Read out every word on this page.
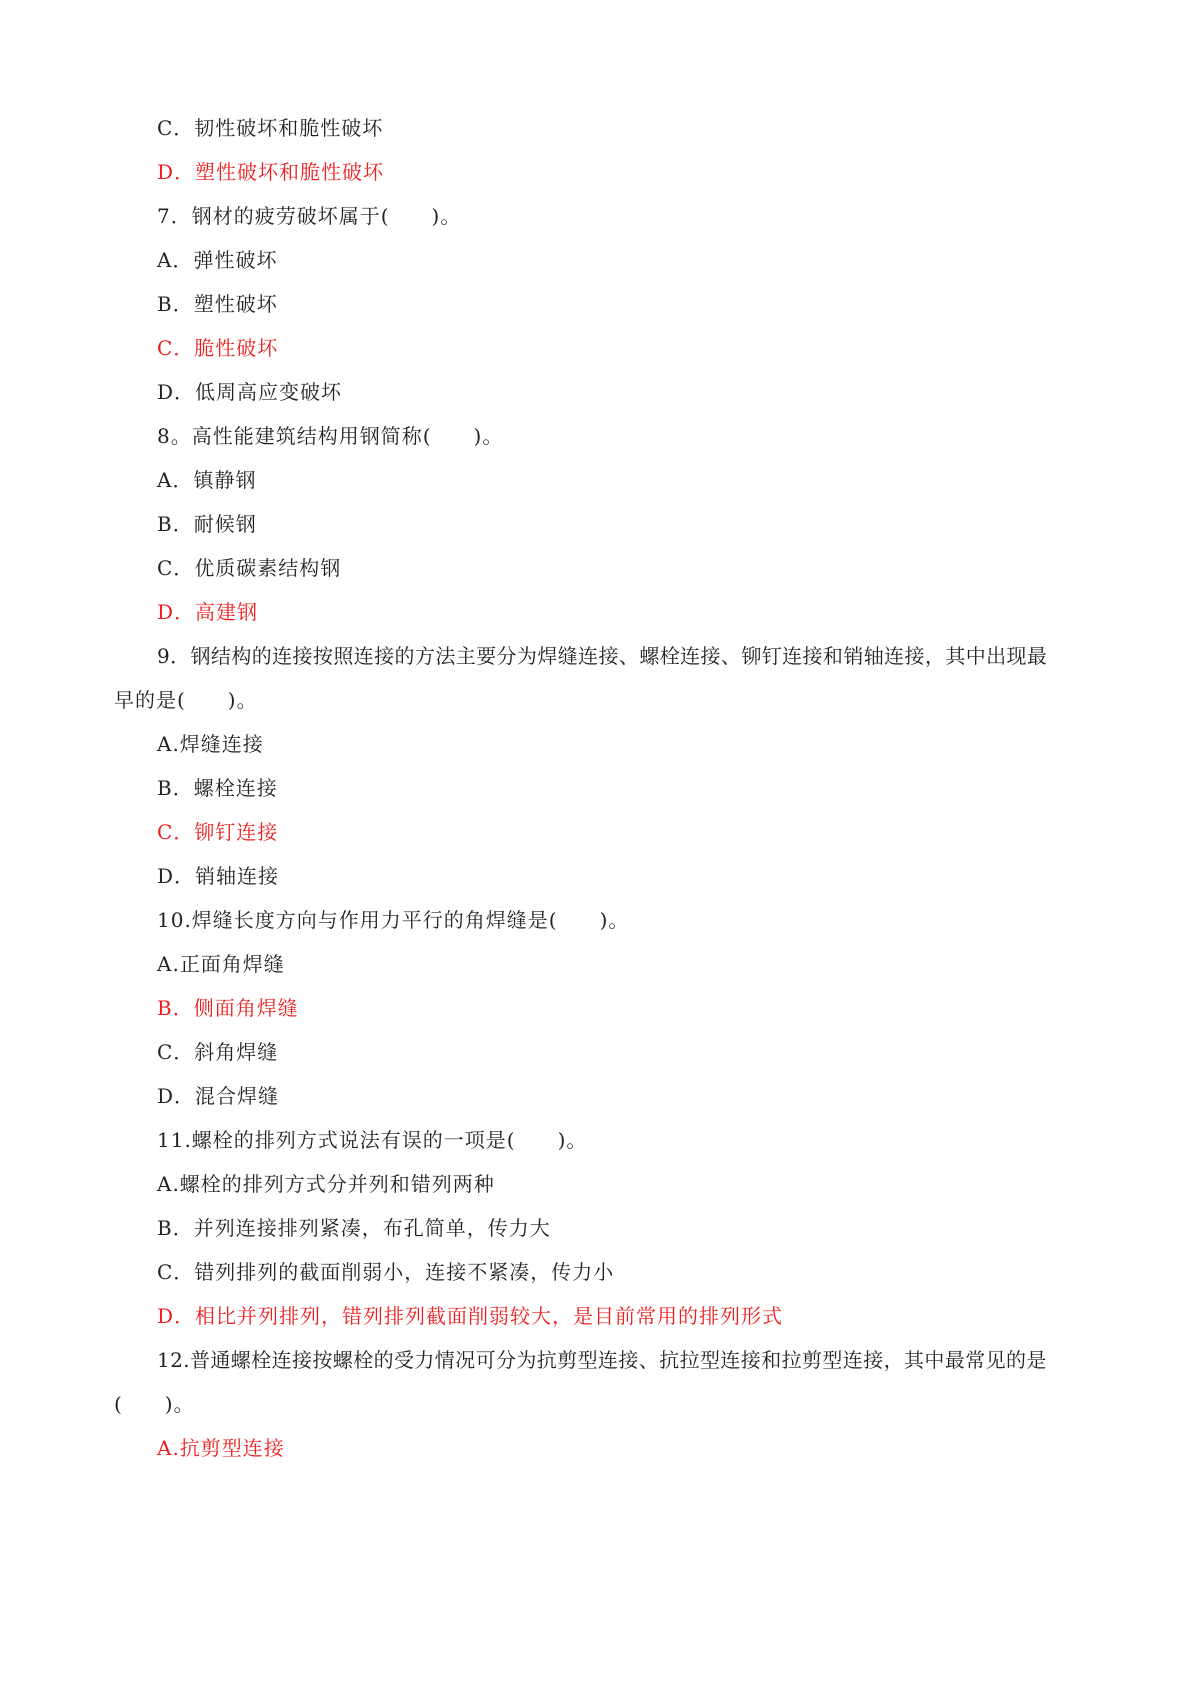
C．韧性破坏和脆性破坏
D．塑性破坏和脆性破坏
7．钢材的疲劳破坏属于(　　)。
A．弹性破坏
B．塑性破坏
C．脆性破坏
D．低周高应变破坏
8。高性能建筑结构用钢简称(　　)。
A．镇静钢
B．耐候钢
C．优质碳素结构钢
D．高建钢
9．钢结构的连接按照连接的方法主要分为焊缝连接、螺栓连接、铆钉连接和销轴连接，其中出现最
早的是(　　)。
A.焊缝连接
B．螺栓连接
C．铆钉连接
D．销轴连接
10.焊缝长度方向与作用力平行的角焊缝是(　　)。
A.正面角焊缝
B．侧面角焊缝
C．斜角焊缝
D．混合焊缝
11.螺栓的排列方式说法有误的一项是(　　)。
A.螺栓的排列方式分并列和错列两种
B．并列连接排列紧凑，布孔简单，传力大
C．错列排列的截面削弱小，连接不紧凑，传力小
D．相比并列排列，错列排列截面削弱较大，是目前常用的排列形式
12.普通螺栓连接按螺栓的受力情况可分为抗剪型连接、抗拉型连接和拉剪型连接，其中最常见的是
(　　)。
A.抗剪型连接
